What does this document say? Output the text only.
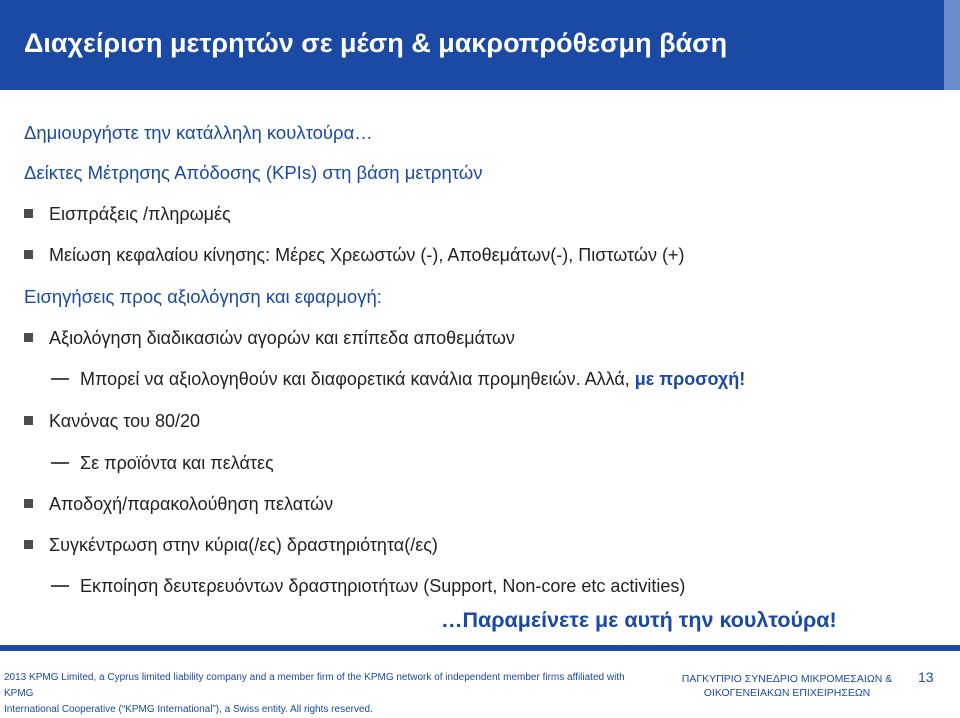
Διαχείριση μετρητών σε μέση & μακροπρόθεσμη βάση
Δημιουργήστε την κατάλληλη κουλτούρα…
Δείκτες Μέτρησης Απόδοσης (KPIs) στη βάση μετρητών
Εισπράξεις /πληρωμές
Μείωση κεφαλαίου κίνησης: Μέρες Χρεωστών (-), Αποθεμάτων(-), Πιστωτών (+)
Εισηγήσεις προς αξιολόγηση και εφαρμογή:
Αξιολόγηση διαδικασιών αγορών και επίπεδα αποθεμάτων
Μπορεί να αξιολογηθούν και διαφορετικά κανάλια προμηθειών. Αλλά, με προσοχή!
Κανόνας του 80/20
Σε προϊόντα και πελάτες
Αποδοχή/παρακολούθηση πελατών
Συγκέντρωση στην κύρια(/ες) δραστηριότητα(/ες)
Εκποίηση δευτερευόντων δραστηριοτήτων (Support, Non-core etc activities)
…Παραμείνετε με αυτή την κουλτούρα!
2013 KPMG Limited, a Cyprus limited liability company and a member firm of the KPMG network of independent member firms affiliated with KPMG
International Cooperative (“KPMG International”), a Swiss entity. All rights reserved.
ΠΑΓΚΥΠΡΙΟ ΣΥΝΕΔΡΙΟ ΜΙΚΡΟΜΕΣΑΙΩΝ &
ΟΙΚΟΓΕΝΕΙΑΚΩΝ ΕΠΙΧΕΙΡΗΣΕΩΝ
13
